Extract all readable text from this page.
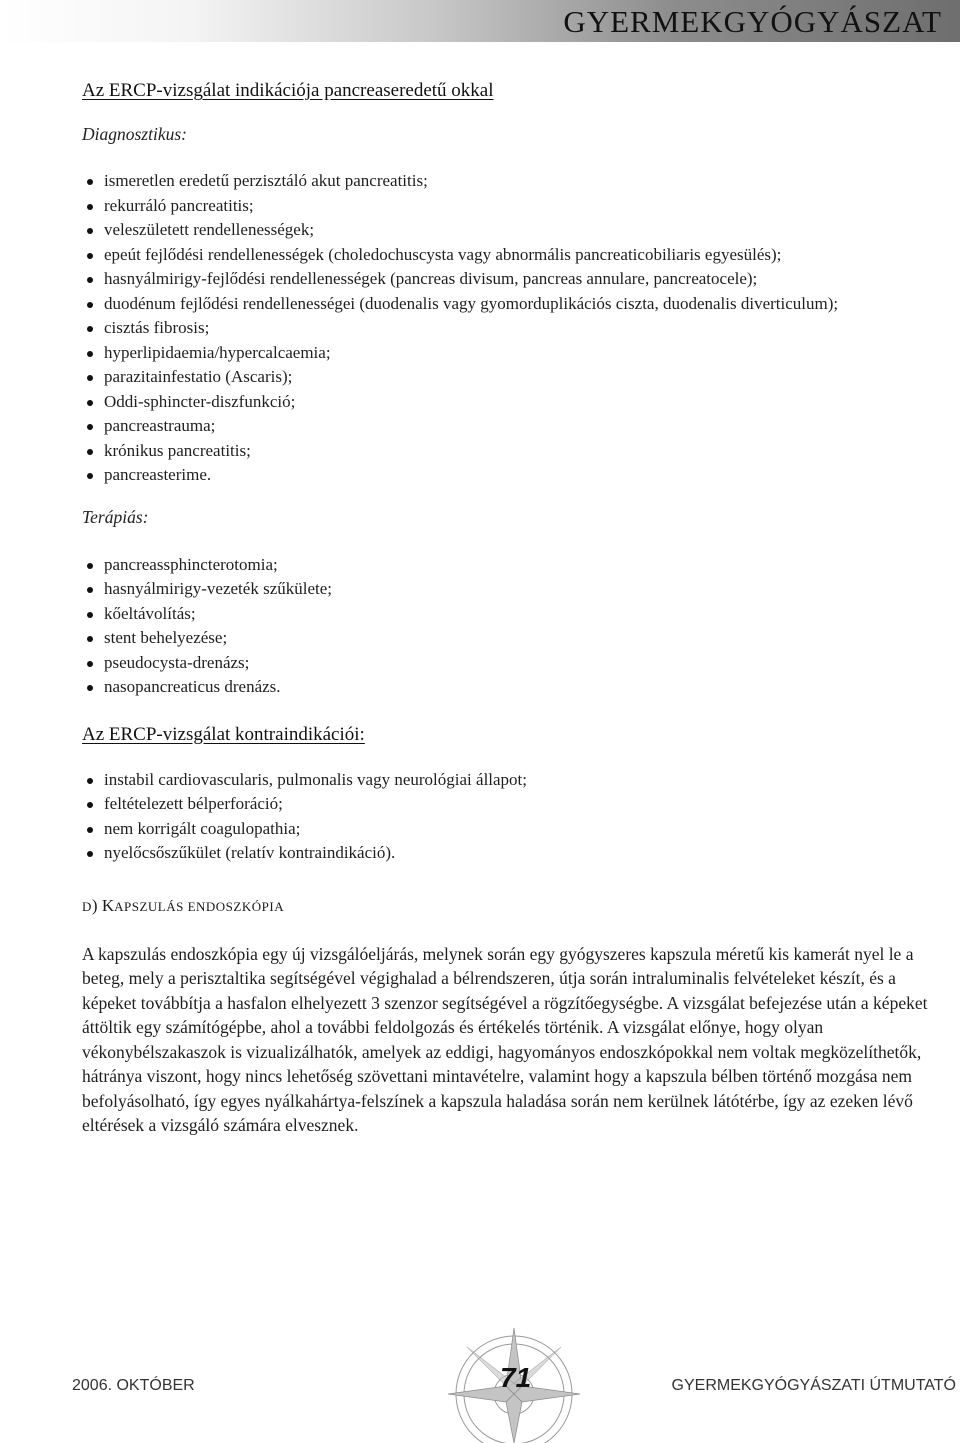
GYERMEKGYÓGYÁSZAT
Az ERCP-vizsgálat indikációja pancreaseredetű okkal

Diagnosztikus:

ismeretlen eredetű perzisztáló akut pancreatitis;
rekurráló pancreatitis;
veleszületett rendellenességek;
epeút fejlődési rendellenességek (choledochuscysta vagy abnormális pancreaticobiliaris egyesülés);
hasnyálmirigy-fejlődési rendellenességek (pancreas divisum, pancreas annulare, pancreatocele);
duodénum fejlődési rendellenességei (duodenalis vagy gyomorduplikációs ciszta, duodenalis diverticulum);
cisztás fibrosis;
hyperlipidaemia/hypercalcaemia;
parazitainfestatio (Ascaris);
Oddi-sphincter-diszfunkció;
pancreastrauma;
krónikus pancreatitis;
pancreasterime.

Terápiás:

pancreassphincterotomia;
hasnyálmirigy-vezeték szűkülete;
kőeltávolítás;
stent behelyezése;
pseudocysta-drenázs;
nasopancreaticus drenázs.
Az ERCP-vizsgálat kontraindikációi:
instabil cardiovascularis, pulmonalis vagy neurológiai állapot;
feltételezett bélperforáció;
nem korrigált coagulopathia;
nyelőcsőszűkület (relatív kontraindikáció).

D) KAPSZULÁS ENDOSZKÓPIA

A kapszulás endoszkópia egy új vizsgálóeljárás, melynek során egy gyógyszeres kapszula méretű kis kamerát nyel le a beteg, mely a perisztaltika segítségével végighalad a bélrendszeren, útja során intraluminalis felvételeket készít, és a képeket továbbítja a hasfalon elhelyezett 3 szenzor segítségével a rögzítőegységbe. A vizsgálat befejezése után a képeket áttöltik egy számítógépbe, ahol a további feldolgozás és értékelés történik. A vizsgálat előnye, hogy olyan vékonybélszakaszok is vizualizálhatók, amelyek az eddigi, hagyományos endoszkópokkal nem voltak megközelíthetők, hátránya viszont, hogy nincs lehetőség szövettani mintavételre, valamint hogy a kapszula bélben történő mozgása nem befolyásolható, így egyes nyálkahártya-felszínek a kapszula haladása során nem kerülnek látótérbe, így az ezeken lévő eltérések a vizsgáló számára elvesznek.

71
2006. OKTÓBER	GYERMEKGYÓGYÁSZATI ÚTMUTATÓ
